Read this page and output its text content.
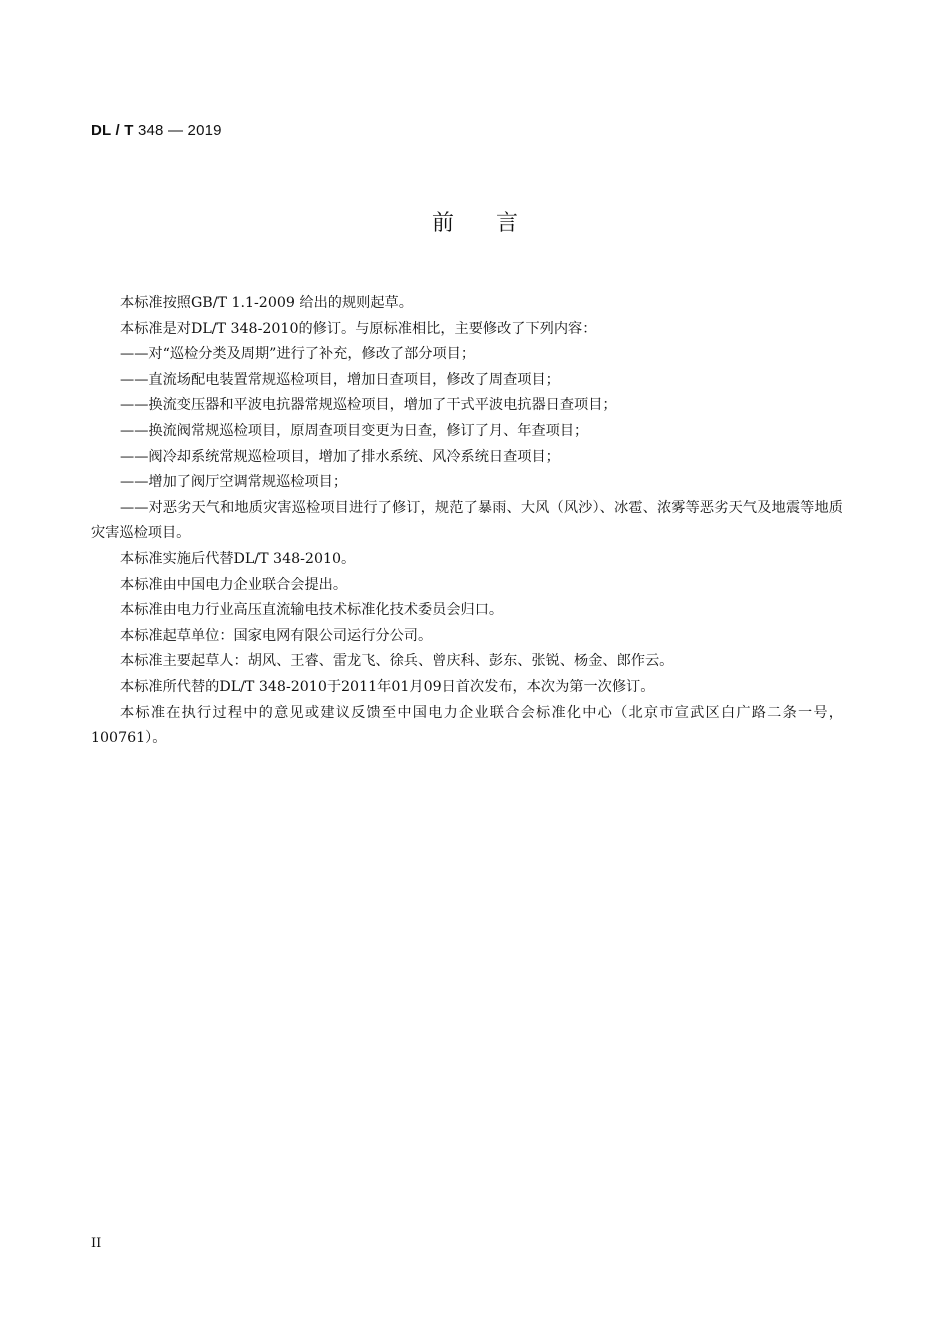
DL / T 348 — 2019
前言

本标准按照GB/T 1.1-2009 给出的规则起草。

本标准是对DL/T 348-2010的修订。与原标准相比，主要修改了下列内容：

——对“巡检分类及周期”进行了补充，修改了部分项目；

——直流场配电装置常规巡检项目，增加日查项目，修改了周查项目；

——换流变压器和平波电抗器常规巡检项目，增加了干式平波电抗器日查项目；

——换流阀常规巡检项目，原周查项目变更为日查，修订了月、年查项目；

——阀冷却系统常规巡检项目，增加了排水系统、风冷系统日查项目；

——增加了阀厅空调常规巡检项目；

——对恶劣天气和地质灾害巡检项目进行了修订，规范了暴雨、大风（风沙）、冰雹、浓雾等恶劣天气及地震等地质灾害巡检项目。

本标准实施后代替DL/T 348-2010。

本标准由中国电力企业联合会提出。

本标准由电力行业高压直流输电技术标准化技术委员会归口。

本标准起草单位：国家电网有限公司运行分公司。

本标准主要起草人：胡风、王睿、雷龙飞、徐兵、曾庆科、彭东、张锐、杨金、郎作云。

本标准所代替的DL/T 348-2010于2011年01月09日首次发布，本次为第一次修订。

本标准在执行过程中的意见或建议反馈至中国电力企业联合会标准化中心（北京市宣武区白广路二条一号，100761）。

II
